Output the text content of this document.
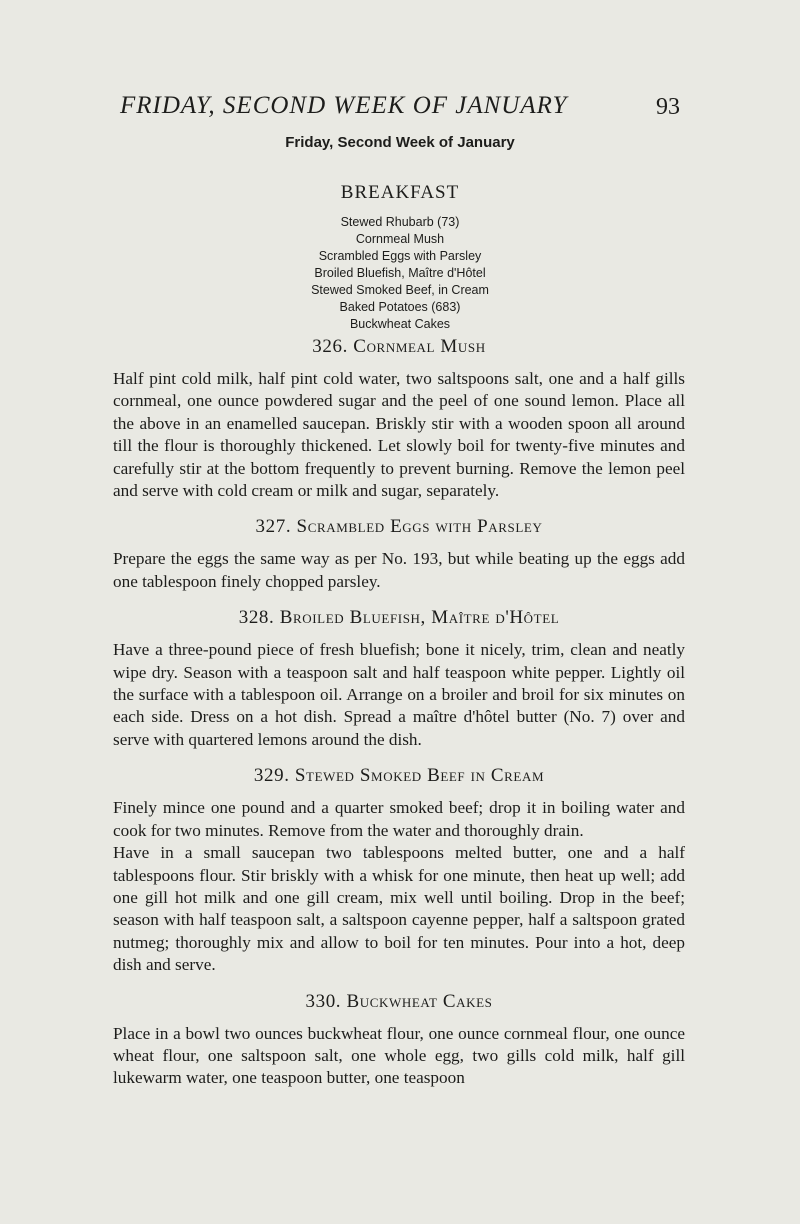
FRIDAY, SECOND WEEK OF JANUARY	93
Friday, Second Week of January
BREAKFAST
Stewed Rhubarb (73)
Cornmeal Mush
Scrambled Eggs with Parsley
Broiled Bluefish, Maître d'Hôtel
Stewed Smoked Beef, in Cream
Baked Potatoes (683)
Buckwheat Cakes
326. Cornmeal Mush

Half pint cold milk, half pint cold water, two saltspoons salt, one and a half gills cornmeal, one ounce powdered sugar and the peel of one sound lemon. Place all the above in an enamelled saucepan. Briskly stir with a wooden spoon all around till the flour is thoroughly thickened. Let slowly boil for twenty-five minutes and carefully stir at the bottom frequently to prevent burning. Remove the lemon peel and serve with cold cream or milk and sugar, separately.

327. Scrambled Eggs with Parsley

Prepare the eggs the same way as per No. 193, but while beating up the eggs add one tablespoon finely chopped parsley.

328. Broiled Bluefish, Maître d'Hôtel

Have a three-pound piece of fresh bluefish; bone it nicely, trim, clean and neatly wipe dry. Season with a teaspoon salt and half teaspoon white pepper. Lightly oil the surface with a tablespoon oil. Arrange on a broiler and broil for six minutes on each side. Dress on a hot dish. Spread a maître d'hôtel butter (No. 7) over and serve with quartered lemons around the dish.

329. Stewed Smoked Beef in Cream

Finely mince one pound and a quarter smoked beef; drop it in boiling water and cook for two minutes. Remove from the water and thoroughly drain.

Have in a small saucepan two tablespoons melted butter, one and a half tablespoons flour. Stir briskly with a whisk for one minute, then heat up well; add one gill hot milk and one gill cream, mix well until boiling. Drop in the beef; season with half teaspoon salt, a saltspoon cayenne pepper, half a saltspoon grated nutmeg; thoroughly mix and allow to boil for ten minutes. Pour into a hot, deep dish and serve.

330. Buckwheat Cakes

Place in a bowl two ounces buckwheat flour, one ounce cornmeal flour, one ounce wheat flour, one saltspoon salt, one whole egg, two gills cold milk, half gill lukewarm water, one teaspoon butter, one teaspoon
